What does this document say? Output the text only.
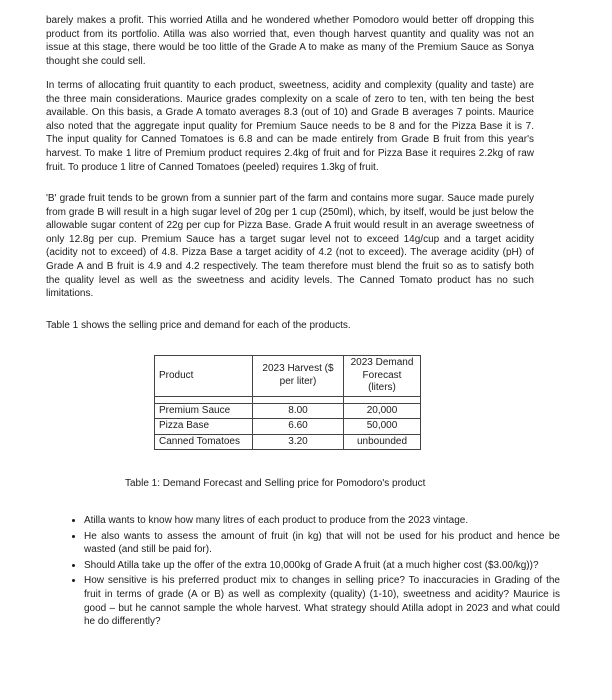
barely makes a profit. This worried Atilla and he wondered whether Pomodoro would better off dropping this product from its portfolio. Atilla was also worried that, even though harvest quantity and quality was not an issue at this stage, there would be too little of the Grade A to make as many of the Premium Sauce as Sonya thought she could sell.

In terms of allocating fruit quantity to each product, sweetness, acidity and complexity (quality and taste) are the three main considerations. Maurice grades complexity on a scale of zero to ten, with ten being the best available. On this basis, a Grade A tomato averages 8.3 (out of 10) and Grade B averages 7 points. Maurice also noted that the aggregate input quality for Premium Sauce needs to be 8 and for the Pizza Base it is 7. The input quality for Canned Tomatoes is 6.8 and can be made entirely from Grade B fruit from this year's harvest. To make 1 litre of Premium product requires 2.4kg of fruit and for Pizza Base it requires 2.2kg of raw fruit. To produce 1 litre of Canned Tomatoes (peeled) requires 1.3kg of fruit.

'B' grade fruit tends to be grown from a sunnier part of the farm and contains more sugar. Sauce made purely from grade B will result in a high sugar level of 20g per 1 cup (250ml), which, by itself, would be just below the allowable sugar content of 22g per cup for Pizza Base. Grade A fruit would result in an average sweetness of only 12.8g per cup. Premium Sauce has a target sugar level not to exceed 14g/cup and a target acidity (acidity not to exceed) of 4.8. Pizza Base a target acidity of 4.2 (not to exceed). The average acidity (pH) of Grade A and B fruit is 4.9 and 4.2 respectively. The team therefore must blend the fruit so as to satisfy both the quality level as well as the sweetness and acidity levels. The Canned Tomato product has no such limitations.

Table 1 shows the selling price and demand for each of the products.

Product	2023 Harvest ($ per liter)	2023 Demand Forecast (liters)

Premium Sauce	8.00	20,000
Pizza Base	6.60	50,000
Canned Tomatoes	3.20	unbounded

Table 1: Demand Forecast and Selling price for Pomodoro's product

• Atilla wants to know how many litres of each product to produce from the 2023 vintage.
• He also wants to assess the amount of fruit (in kg) that will not be used for his product and hence be wasted (and still be paid for).
• Should Atilla take up the offer of the extra 10,000kg of Grade A fruit (at a much higher cost ($3.00/kg))?
• How sensitive is his preferred product mix to changes in selling price? To inaccuracies in Grading of the fruit in terms of grade (A or B) as well as complexity (quality) (1-10), sweetness and acidity? Maurice is good – but he cannot sample the whole harvest. What strategy should Atilla adopt in 2023 and what could he do differently?
